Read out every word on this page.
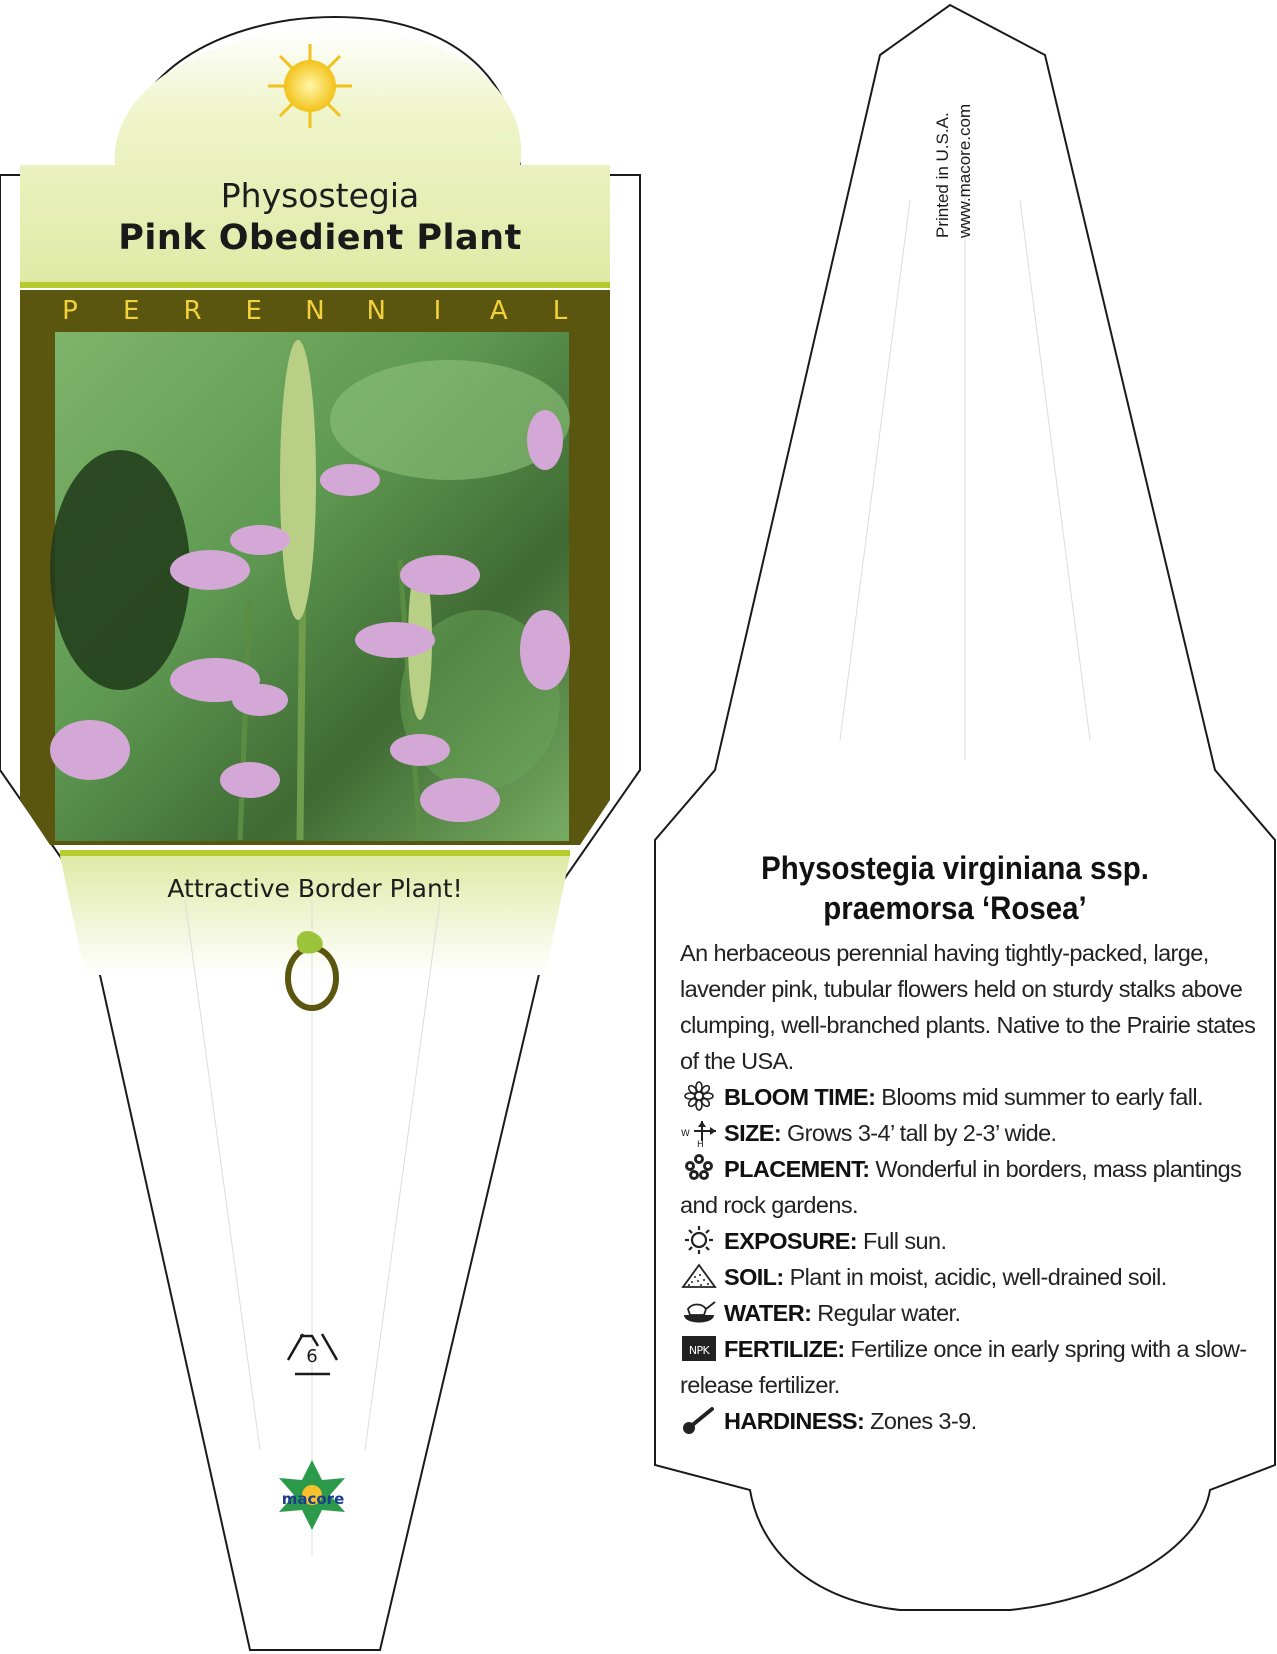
Physostegia
Pink Obedient Plant
P E R E N N I A L
Attractive Border Plant!
6
macore
Printed in U.S.A. www.macore.com
Physostegia virginiana ssp.
praemorsa ‘Rosea’

An herbaceous perennial having tightly-packed, large, lavender pink, tubular flowers held on sturdy stalks above clumping, well-branched plants. Native to the Prairie states of the USA.

BLOOM TIME: Blooms mid summer to early fall.
W
H SIZE: Grows 3-4’ tall by 2-3’ wide.
PLACEMENT: Wonderful in borders, mass plantings and rock gardens.
EXPOSURE: Full sun.
SOIL: Plant in moist, acidic, well-drained soil.
WATER: Regular water.
NPK FERTILIZE: Fertilize once in early spring with a slow-release fertilizer.
HARDINESS: Zones 3-9.
